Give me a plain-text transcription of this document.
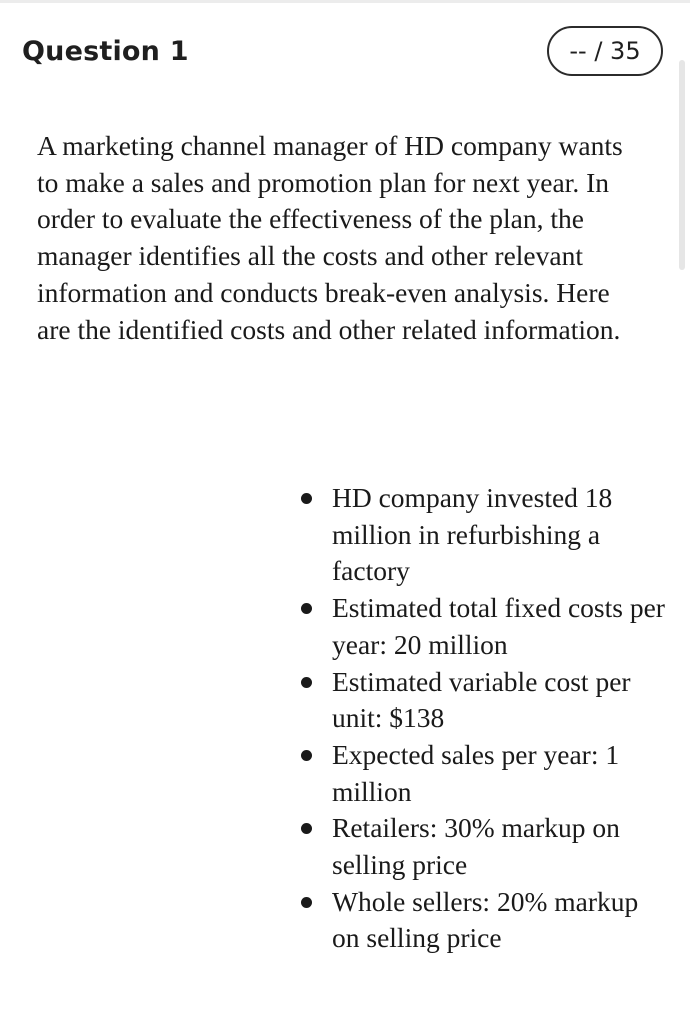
Question 1	-- / 35

A marketing channel manager of HD company wants to make a sales and promotion plan for next year. In order to evaluate the effectiveness of the plan, the manager identifies all the costs and other relevant information and conducts break-even analysis. Here are the identified costs and other related information.

HD company invested 18 million in refurbishing a factory
Estimated total fixed costs per year: 20 million
Estimated variable cost per unit: $138
Expected sales per year: 1 million
Retailers: 30% markup on selling price
Whole sellers: 20% markup on selling price
